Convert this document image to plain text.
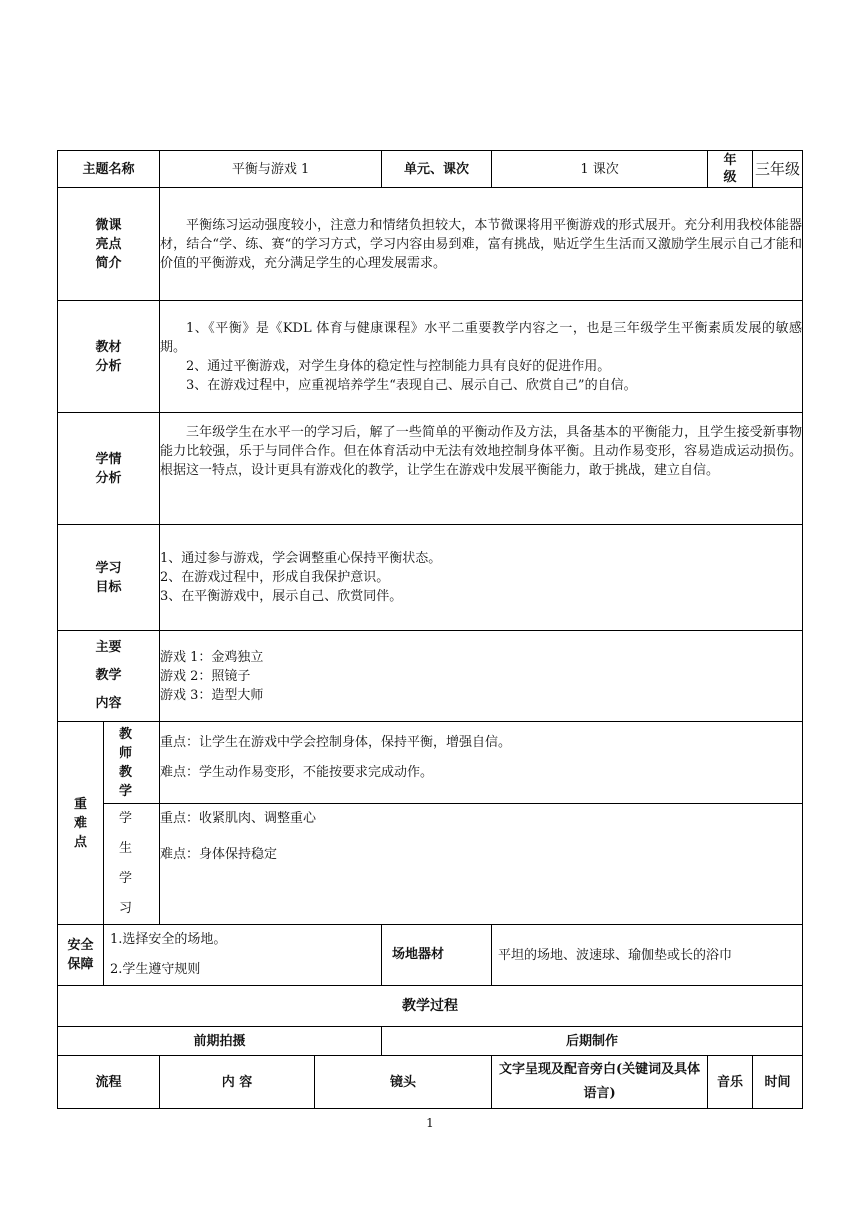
主题名称		平衡与游戏 1		单元、课次	1 课次	年级	三年级
微课亮点简介		平衡练习运动强度较小，注意力和情绪负担较大，本节微课将用平衡游戏的形式展开。充分利用我校体能器材，结合“学、练、赛“的学习方式，学习内容由易到难，富有挑战，贴近学生生活而又激励学生展示自己才能和价值的平衡游戏，充分满足学生的心理发展需求。					
教材分析		1、《平衡》是《KDL 体育与健康课程》水平二重要教学内容之一，也是三年级学生平衡素质发展的敏感期。
2、通过平衡游戏，对学生身体的稳定性与控制能力具有良好的促进作用。
3、在游戏过程中，应重视培养学生“表现自己、展示自己、欣赏自己”的自信。					

学情分析		三年级学生在水平一的学习后，解了一些简单的平衡动作及方法，具备基本的平衡能力，且学生接受新事物能力比较强，乐于与同伴合作。但在体育活动中无法有效地控制身体平衡。且动作易变形，容易造成运动损伤。根据这一特点，设计更具有游戏化的教学，让学生在游戏中发展平衡能力，敢于挑战，建立自信。					
学习目标		1、通过参与游戏，学会调整重心保持平衡状态。
2、在游戏过程中，形成自我保护意识。
3、在平衡游戏中，展示自己、欣赏同伴。					

主要教学内容		游戏 1：金鸡独立
游戏 2：照镜子
游戏 3：造型大师					

重难点	教师教学	重点：让学生在游戏中学会控制身体，保持平衡，增强自信。
难点：学生动作易变形，不能按要求完成动作。					

	学生学习	重点：收紧肌肉、调整重心
难点：身体保持稳定					

安全保障	1.选择安全的场地。
2.学生遵守规则			场地器材	平坦的场地、波速球、瑜伽垫或长的浴巾		
教学过程							
前期拍摄				后期制作			
流程		内 容	镜头		文字呈现及配音旁白(关键词及具体语言)	音乐	时间
1
